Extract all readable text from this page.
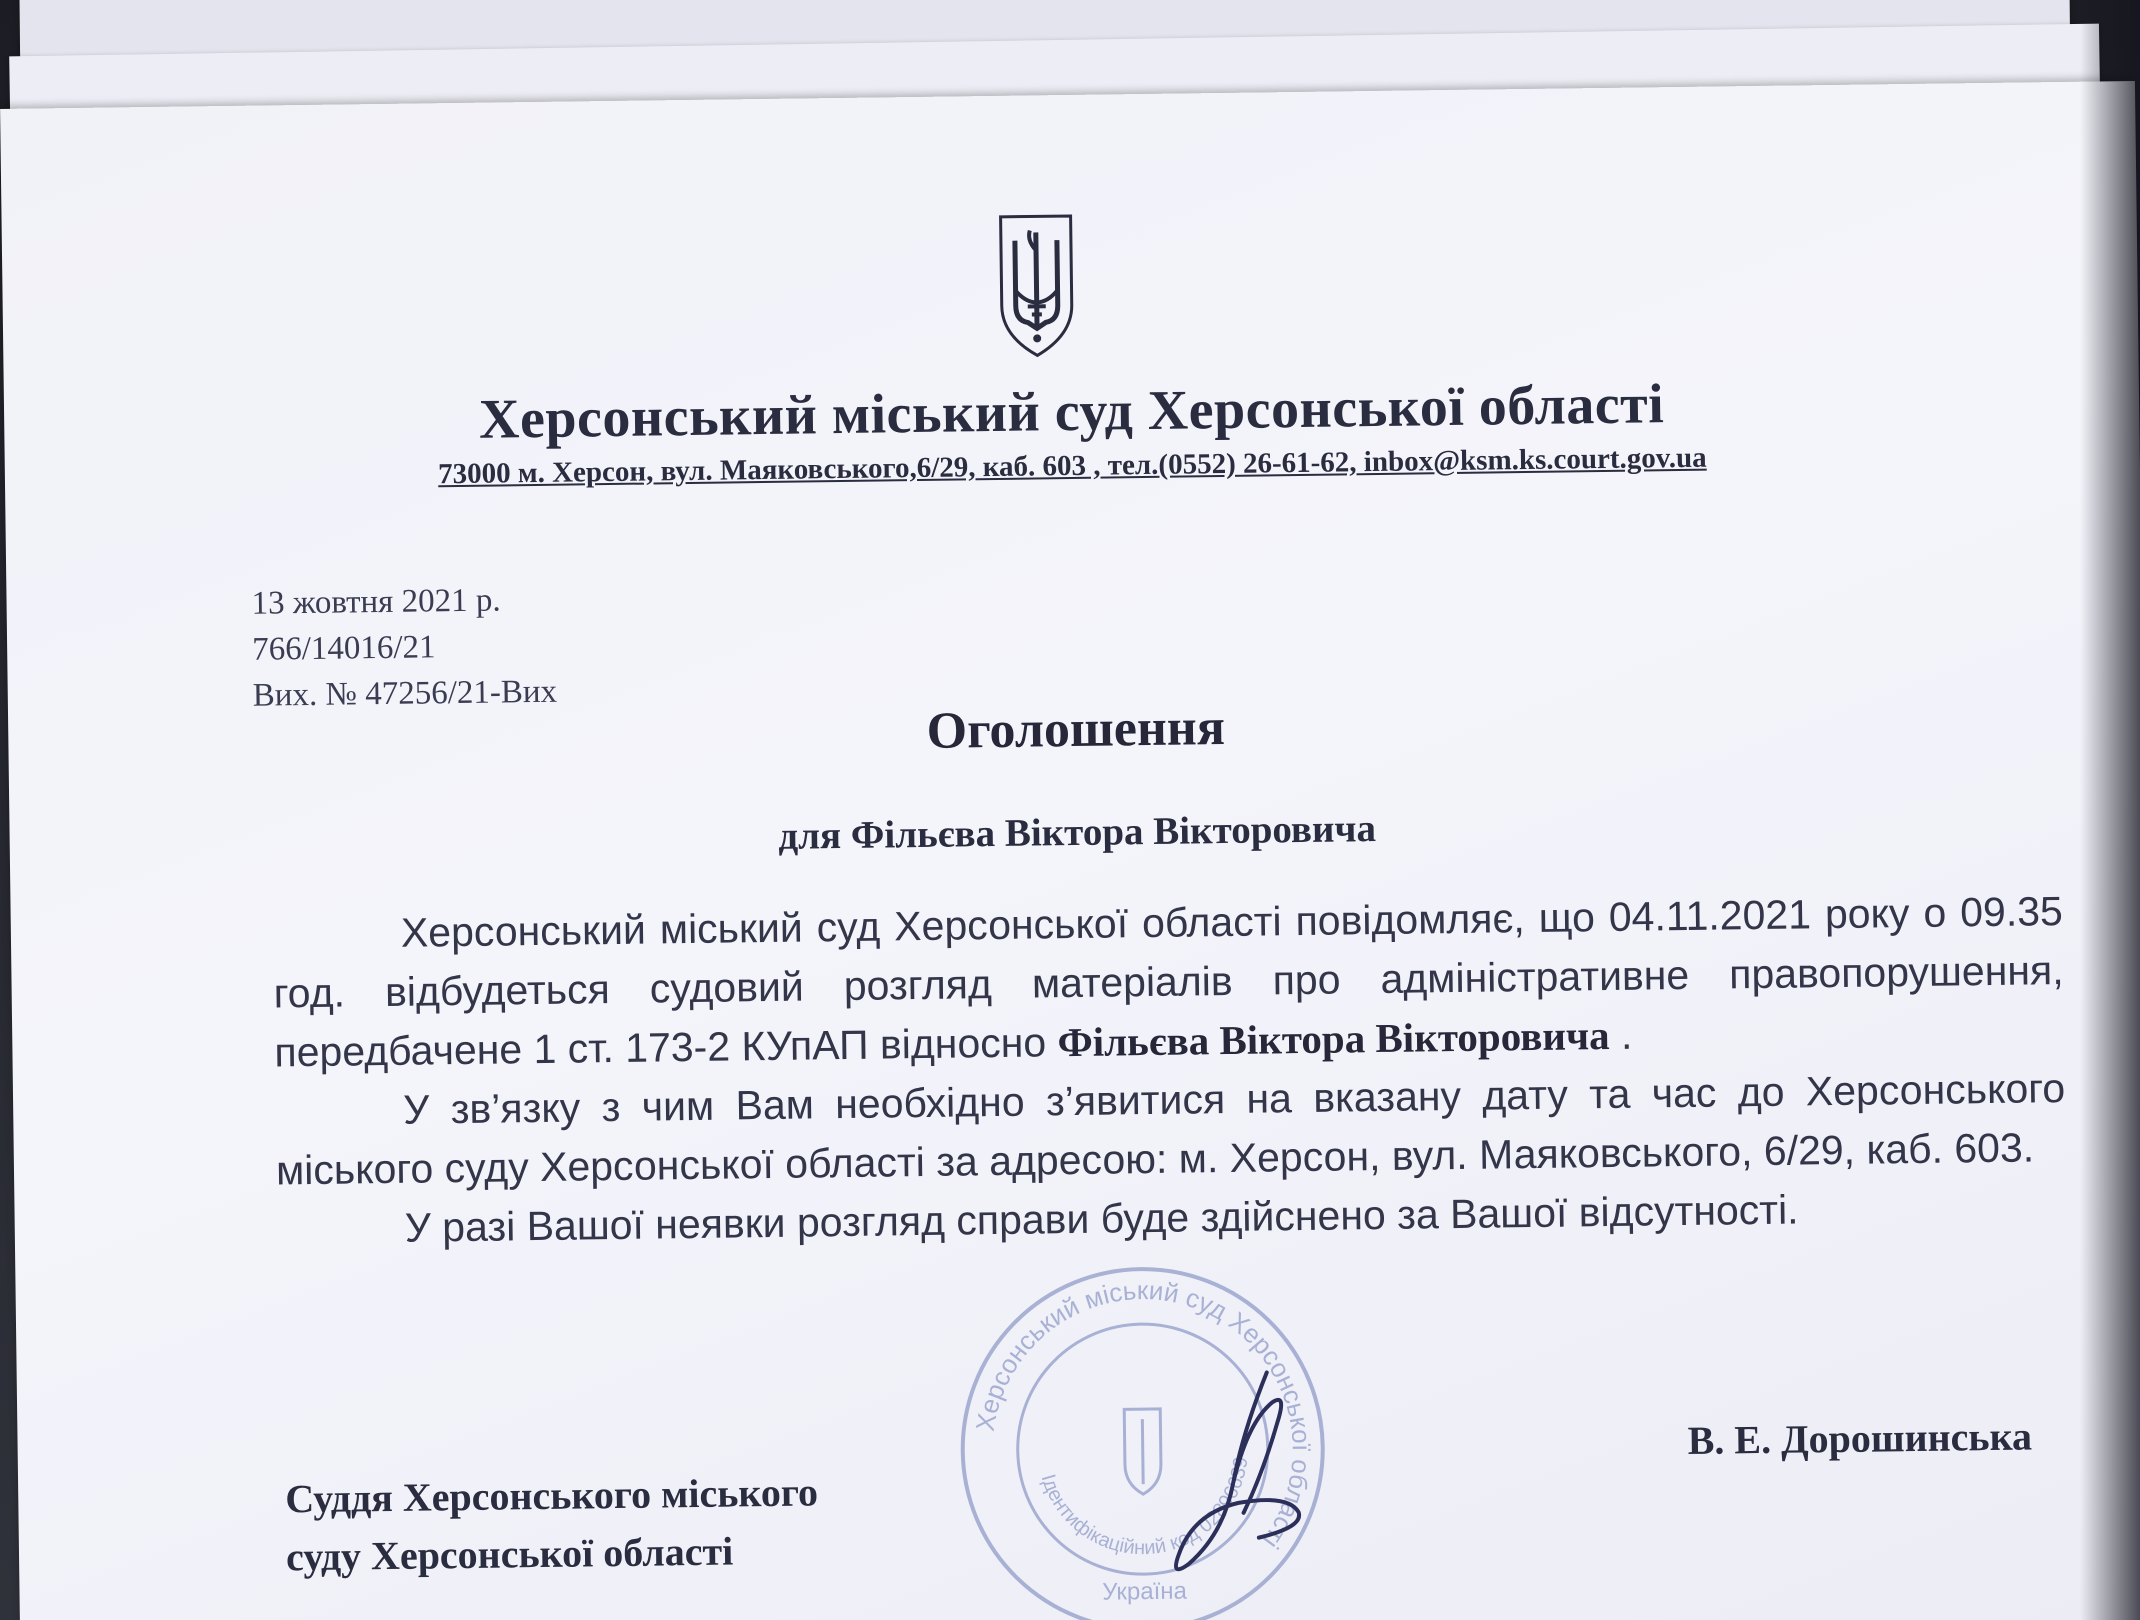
Херсонський міський суд Херсонської області
73000 м. Херсон, вул. Маяковського,6/29, каб. 603 , тел.(0552) 26-61-62, inbox@ksm.ks.court.gov.ua
13 жовтня 2021 р.
766/14016/21
Вих. № 47256/21-Вих
Оголошення
для Фільєва Віктора Вікторовича

Херсонський міський суд Херсонської області повідомляє, що 04.11.2021 року о 09.35 год. відбудеться судовий розгляд матеріалів про адміністративне правопорушення, передбачене 1 ст. 173-2 КУпАП відносно Фільєва Віктора Вікторовича .

У зв’язку з чим Вам необхідно з’явитися на вказану дату та час до Херсонського міського суду Херсонської області за адресою: м. Херсон, вул. Маяковського, 6/29, каб. 603.

У разі Вашої неявки розгляд справи буде здійснено за Вашої відсутності.

В. Е. Дорошинська
Суддя Херсонського міського
суду Херсонської області
Херсонський міський суд Херсонської області
Ідентифікаційний код 02896639
Україна
